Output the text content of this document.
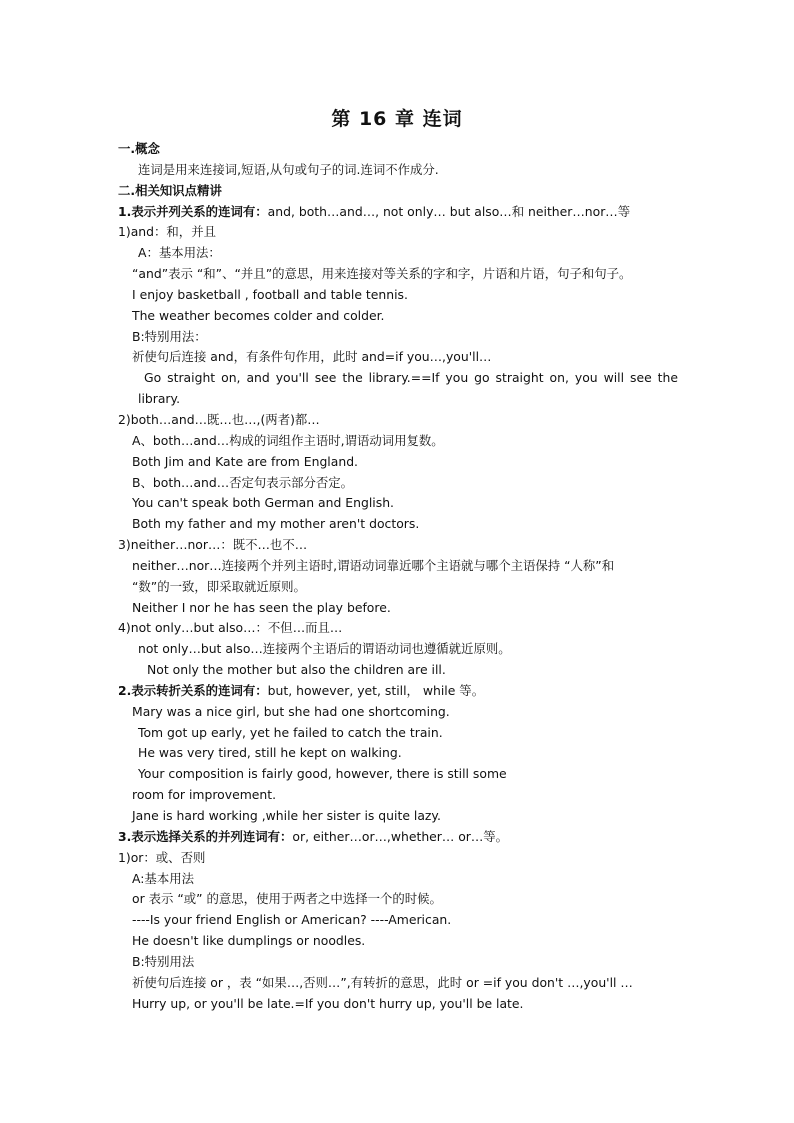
第 16 章 连词
一.概念
连词是用来连接词,短语,从句或句子的词.连词不作成分.
二.相关知识点精讲
1.表示并列关系的连词有：and, both…and…, not only… but also…和 neither…nor…等
1)and：和，并且
A：基本用法：
“and”表示 “和”、“并且”的意思，用来连接对等关系的字和字，片语和片语，句子和句子。
I enjoy basketball , football and table tennis.
The weather becomes colder and colder.
B:特别用法：
祈使句后连接 and，有条件句作用，此时 and=if you…,you'll…
Go straight on, and you'll see the library.==If you go straight on, you will see the
library.
2)both…and…既…也…,(两者)都…
A、both…and…构成的词组作主语时,谓语动词用复数。
Both Jim and Kate are from England.
B、both…and…否定句表示部分否定。
You can't speak both German and English.
Both my father and my mother aren't doctors.
3)neither…nor…：既不…也不…
neither…nor…连接两个并列主语时,谓语动词靠近哪个主语就与哪个主语保持 “人称”和
“数”的一致，即采取就近原则。
Neither I nor he has seen the play before.
4)not only…but also…：不但…而且…
not only…but also…连接两个主语后的谓语动词也遵循就近原则。
Not only the mother but also the children are ill.
2.表示转折关系的连词有：but, however, yet, still， while 等。
Mary was a nice girl, but she had one shortcoming.
Tom got up early, yet he failed to catch the train.
He was very tired, still he kept on walking.
Your composition is fairly good, however, there is still some
room for improvement.
Jane is hard working ,while her sister is quite lazy.
3.表示选择关系的并列连词有：or, either…or…,whether… or…等。
1)or：或、否则
A:基本用法
or 表示 “或” 的意思，使用于两者之中选择一个的时候。
----Is your friend English or American? ----American.
He doesn't like dumplings or noodles.
B:特别用法
祈使句后连接 or ，表 “如果…,否则…”,有转折的意思，此时 or =if you don't …,you'll …
Hurry up, or you'll be late.=If you don't hurry up, you'll be late.
